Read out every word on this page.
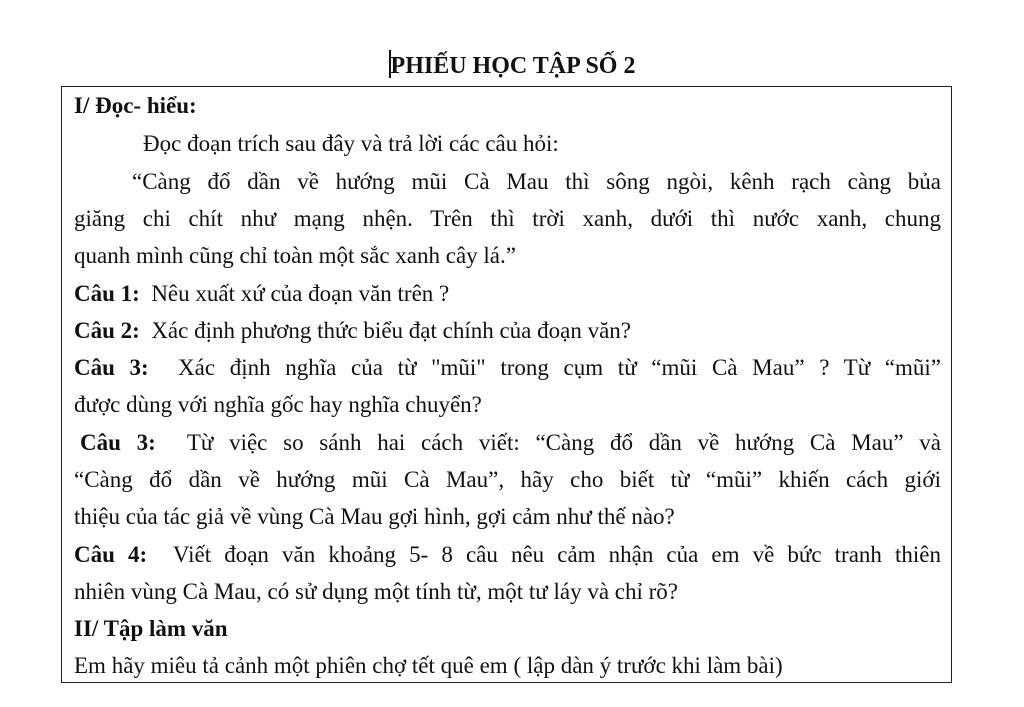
PHIẾU HỌC TẬP SỐ 2
I/ Đọc- hiểu:
Đọc đoạn trích sau đây và trả lời các câu hỏi:
“Càng đổ dần về hướng mũi Cà Mau thì sông ngòi, kênh rạch càng bủa
giăng chi chít như mạng nhện. Trên thì trời xanh, dưới thì nước xanh, chung
quanh mình cũng chỉ toàn một sắc xanh cây lá.”
Câu 1: Nêu xuất xứ của đoạn văn trên ?
Câu 2: Xác định phương thức biểu đạt chính của đoạn văn?
Câu 3: Xác định nghĩa của từ "mũi" trong cụm từ “mũi Cà Mau” ? Từ “mũi”
được dùng với nghĩa gốc hay nghĩa chuyển?
Câu 3: Từ việc so sánh hai cách viết: “Càng đổ dần về hướng Cà Mau” và
“Càng đổ dần về hướng mũi Cà Mau”, hãy cho biết từ “mũi” khiến cách giới
thiệu của tác giả về vùng Cà Mau gợi hình, gợi cảm như thế nào?
Câu 4: Viết đoạn văn khoảng 5- 8 câu nêu cảm nhận của em về bức tranh thiên
nhiên vùng Cà Mau, có sử dụng một tính từ, một tư láy và chỉ rõ?
II/ Tập làm văn
Em hãy miêu tả cảnh một phiên chợ tết quê em ( lập dàn ý trước khi làm bài)
